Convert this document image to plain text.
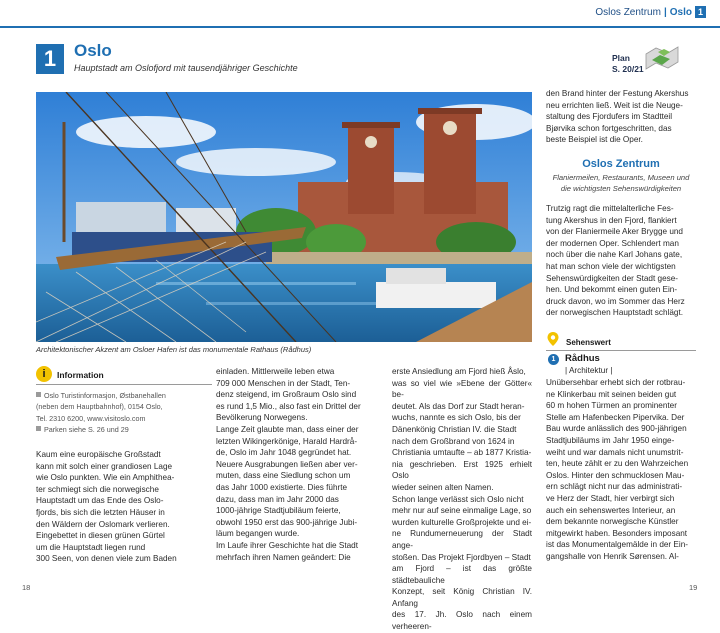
Oslos Zentrum | Oslo 1
1	Oslo
Hauptstadt am Oslofjord mit tausendjähriger Geschichte
Plan
S. 20/21
Architektonischer Akzent am Osloer Hafen ist das monumentale Rathaus (Rådhus)
i	Information
Oslo Turistinformasjon, Østbanehallen
(neben dem Hauptbahnhof), 0154 Oslo,
Tel. 2310 6200, www.visitoslo.com
Parken siehe S. 26 und 29
Kaum eine europäische Großstadt
kann mit solch einer grandiosen Lage
wie Oslo punkten. Wie ein Amphithea-
ter schmiegt sich die norwegische
Hauptstadt um das Ende des Oslo-
fjords, bis sich die letzten Häuser in
den Wäldern der Oslomark verlieren.
Eingebettet in diesen grünen Gürtel
um die Hauptstadt liegen rund
300 Seen, von denen viele zum Baden
einladen. Mittlerweile leben etwa
709 000 Menschen in der Stadt, Ten-
denz steigend, im Großraum Oslo sind
es rund 1,5 Mio., also fast ein Drittel der
Bevölkerung Norwegens.
Lange Zeit glaubte man, dass einer der
letzten Wikingerkönige, Harald Hardrå-
de, Oslo im Jahr 1048 gegründet hat.
Neuere Ausgrabungen ließen aber ver-
muten, dass eine Siedlung schon um
das Jahr 1000 existierte. Dies führte
dazu, dass man im Jahr 2000 das
1000-jährige Stadtjubiläum feierte,
obwohl 1950 erst das 900-jährige Jubi-
läum begangen wurde.
Im Laufe ihrer Geschichte hat die Stadt
mehrfach ihren Namen geändert: Die
erste Ansiedlung am Fjord hieß Åslo,
was so viel wie »Ebene der Götter« be-
deutet. Als das Dorf zur Stadt heran-
wuchs, nannte es sich Oslo, bis der
Dänenkönig Christian IV. die Stadt
nach dem Großbrand von 1624 in
Christiania umtaufte – ab 1877 Kristia-
nia geschrieben. Erst 1925 erhielt Oslo
wieder seinen alten Namen.
Schon lange verlässt sich Oslo nicht
mehr nur auf seine einmalige Lage, so
wurden kulturelle Großprojekte und ei-
ne Rundumerneuerung der Stadt ange-
stoßen. Das Projekt Fjordbyen – Stadt
am Fjord – ist das größte städtebauliche
Konzept, seit König Christian IV. Anfang
des 17. Jh. Oslo nach einem verheeren-
den Brand hinter der Festung Akershus
neu errichten ließ. Weit ist die Neuge-
staltung des Fjordufers im Stadtteil
Bjørvika schon fortgeschritten, das
beste Beispiel ist die Oper.
Oslos Zentrum
Flaniermeilen, Restaurants, Museen und
die wichtigsten Sehenswürdigkeiten
Trutzig ragt die mittelalterliche Fes-
tung Akershus in den Fjord, flankiert
von der Flaniermeile Aker Brygge und
der modernen Oper. Schlendert man
noch über die nahe Karl Johans gate,
hat man schon viele der wichtigsten
Sehenswürdigkeiten der Stadt gese-
hen. Und bekommt einen guten Ein-
druck davon, wo im Sommer das Herz
der norwegischen Hauptstadt schlägt.
Sehenswert
1	Rådhus
| Architektur |
Unübersehbar erhebt sich der rotbrau-
ne Klinkerbau mit seinen beiden gut
60 m hohen Türmen an prominenter
Stelle am Hafenbecken Pipervika. Der
Bau wurde anlässlich des 900-jährigen
Stadtjubiläums im Jahr 1950 einge-
weiht und war damals nicht unumstrit-
ten, heute zählt er zu den Wahrzeichen
Oslos. Hinter den schmucklosen Mau-
ern schlägt nicht nur das administrati-
ve Herz der Stadt, hier verbirgt sich
auch ein sehenswertes Interieur, an
dem bekannte norwegische Künstler
mitgewirkt haben. Besonders imposant
ist das Monumentalgemälde in der Ein-
gangshalle von Henrik Sørensen. Al-
18	19
